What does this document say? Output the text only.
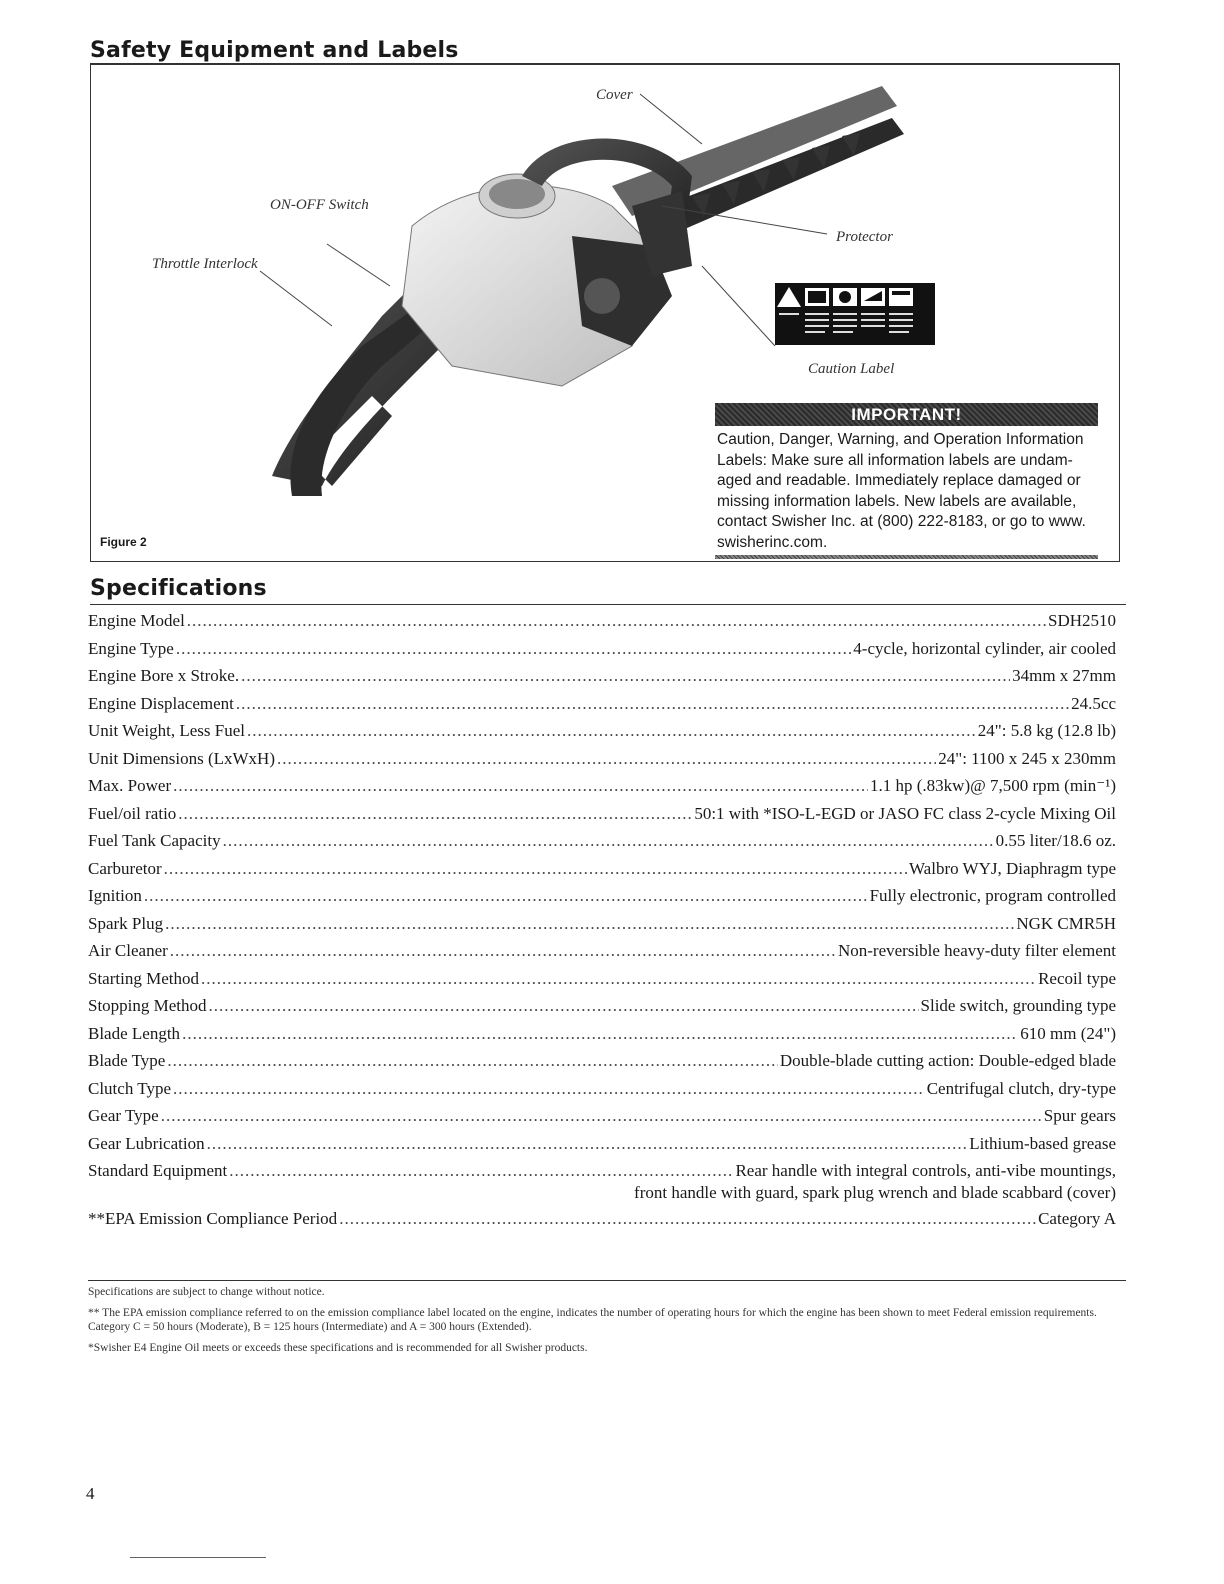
Safety Equipment and Labels
Cover
ON-OFF Switch
Throttle Interlock
Protector
Caution Label
IMPORTANT!

Caution, Danger, Warning, and Operation Information
Labels: Make sure all information labels are undam-
aged and readable. Immediately replace damaged or
missing information labels. New labels are available,
contact Swisher Inc. at (800) 222-8183, or go to www.
swisherinc.com.

Figure 2
Specifications
Engine Model .....	SDH2510
Engine Type .....	4-cycle, horizontal cylinder, air cooled
Engine Bore x Stroke. .....	34mm x 27mm
Engine Displacement .....	24.5cc
Unit Weight, Less Fuel .....	24": 5.8 kg (12.8 lb)
Unit Dimensions (LxWxH) .....	24": 1100 x 245 x 230mm
Max. Power .....	1.1 hp (.83kw)@ 7,500 rpm (min⁻¹)
Fuel/oil ratio .....	50:1 with *ISO-L-EGD or JASO FC class 2-cycle Mixing Oil
Fuel Tank Capacity .....	0.55 liter/18.6 oz.
Carburetor .....	Walbro WYJ, Diaphragm type
Ignition .....	Fully electronic, program controlled
Spark Plug .....	NGK CMR5H
Air Cleaner .....	Non-reversible heavy-duty filter element
Starting Method .....	Recoil type
Stopping Method .....	Slide switch, grounding type
Blade Length .....	610 mm (24")
Blade Type .....	Double-blade cutting action: Double-edged blade
Clutch Type .....	Centrifugal clutch, dry-type
Gear Type .....	Spur gears
Gear Lubrication .....	Lithium-based grease
Standard Equipment .....	Rear handle with integral controls, anti-vibe mountings,
front handle with guard, spark plug wrench and blade scabbard (cover)
**EPA Emission Compliance Period .....	Category A

Specifications are subject to change without notice.

** The EPA emission compliance referred to on the emission compliance label located on the engine, indicates the number of operating hours for which the engine has been shown to meet Federal emission requirements. Category C = 50 hours (Moderate), B = 125 hours (Intermediate) and A = 300 hours (Extended).

*Swisher E4 Engine Oil meets or exceeds these specifications and is recommended for all Swisher products.

4
